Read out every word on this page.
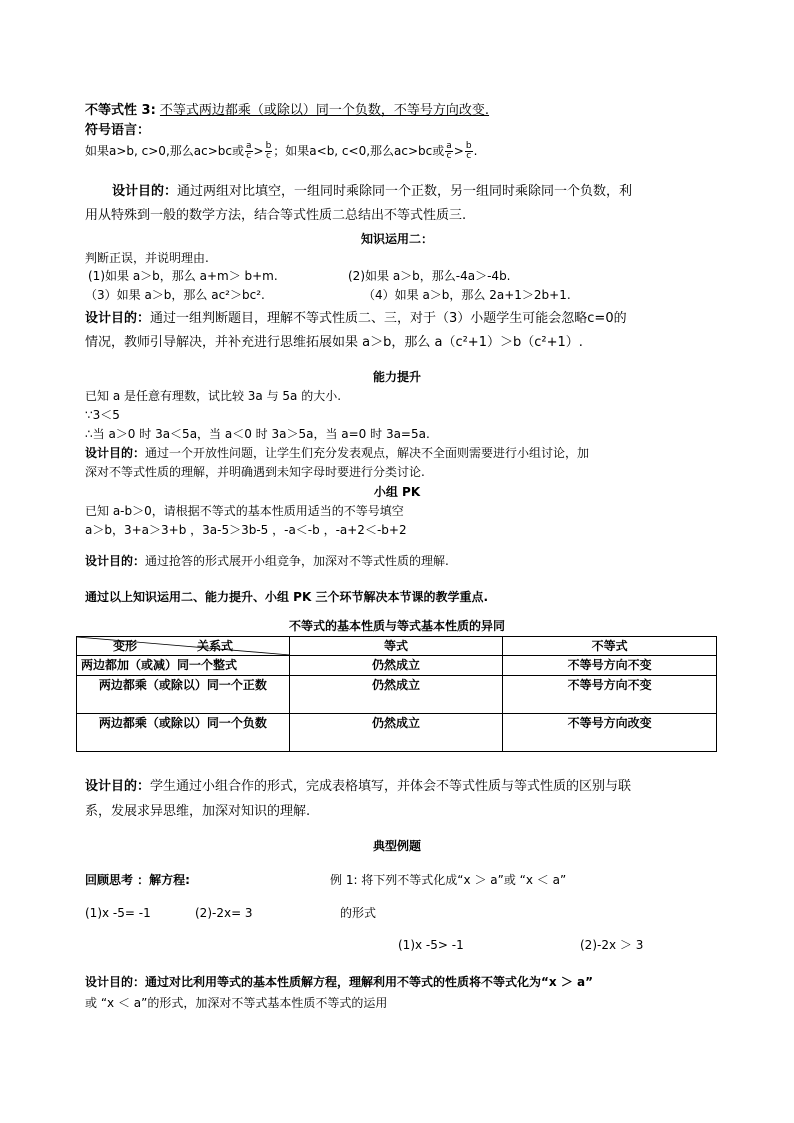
不等式性 3: 不等式两边都乘（或除以）同一个负数，不等号方向改变.
符号语言：
如果a>b, c>0,那么ac>bc或 $\frac{a}{c} > \frac{b}{c}$ ；如果a<b, c<0,那么ac>bc或 $\frac{a}{c} > \frac{b}{c}$ .
设计目的：通过两组对比填空，一组同时乘除同一个正数，另一组同时乘除同一个负数，利
用从特殊到一般的数学方法，结合等式性质二总结出不等式性质三.
知识运用二：
判断正误，并说明理由.
(1)如果 a＞b，那么 a+m＞ b+m.	(2)如果 a＞b，那么-4a＞-4b.
（3）如果 a＞b，那么 ac²＞bc².	（4）如果 a＞b，那么 2a+1＞2b+1.
设计目的：通过一组判断题目，理解不等式性质二、三，对于（3）小题学生可能会忽略c=0的
情况，教师引导解决，并补充进行思维拓展如果 a＞b，那么 a（c²+1）＞b（c²+1）.
能力提升
已知 a 是任意有理数，试比较 3a 与 5a 的大小.
∵3＜5
∴当 a＞0 时 3a＜5a，当 a＜0 时 3a＞5a，当 a=0 时 3a=5a.
设计目的：通过一个开放性问题，让学生们充分发表观点，解决不全面则需要进行小组讨论，加
深对不等式性质的理解，并明确遇到未知字母时要进行分类讨论.
小组 PK
已知 a-b＞0，请根据不等式的基本性质用适当的不等号填空
a＞b，3+a＞3+b ，3a-5＞3b-5 ，-a＜-b ，-a+2＜-b+2
设计目的：通过抢答的形式展开小组竞争，加深对不等式性质的理解.
通过以上知识运用二、能力提升、小组 PK 三个环节解决本节课的教学重点.
不等式的基本性质与等式基本性质的异同
变形 关系式	等式	不等式
两边都加（或减）同一个整式	仍然成立	不等号方向不变
两边都乘（或除以）同一个正数	仍然成立	不等号方向不变
两边都乘（或除以）同一个负数	仍然成立	不等号方向改变
设计目的：学生通过小组合作的形式，完成表格填写，并体会不等式性质与等式性质的区别与联
系，发展求异思维，加深对知识的理解.
典型例题
回顾思考 ：解方程:	例 1: 将下列不等式化成“x ＞ a”或 “x ＜ a”
(1)x -5= -1	(2)-2x= 3	的形式
(1)x -5> -1	(2)-2x ＞ 3
设计目的：通过对比利用等式的基本性质解方程，理解利用不等式的性质将不等式化为“x ＞ a”
或 “x ＜ a”的形式，加深对不等式基本性质不等式的运用
